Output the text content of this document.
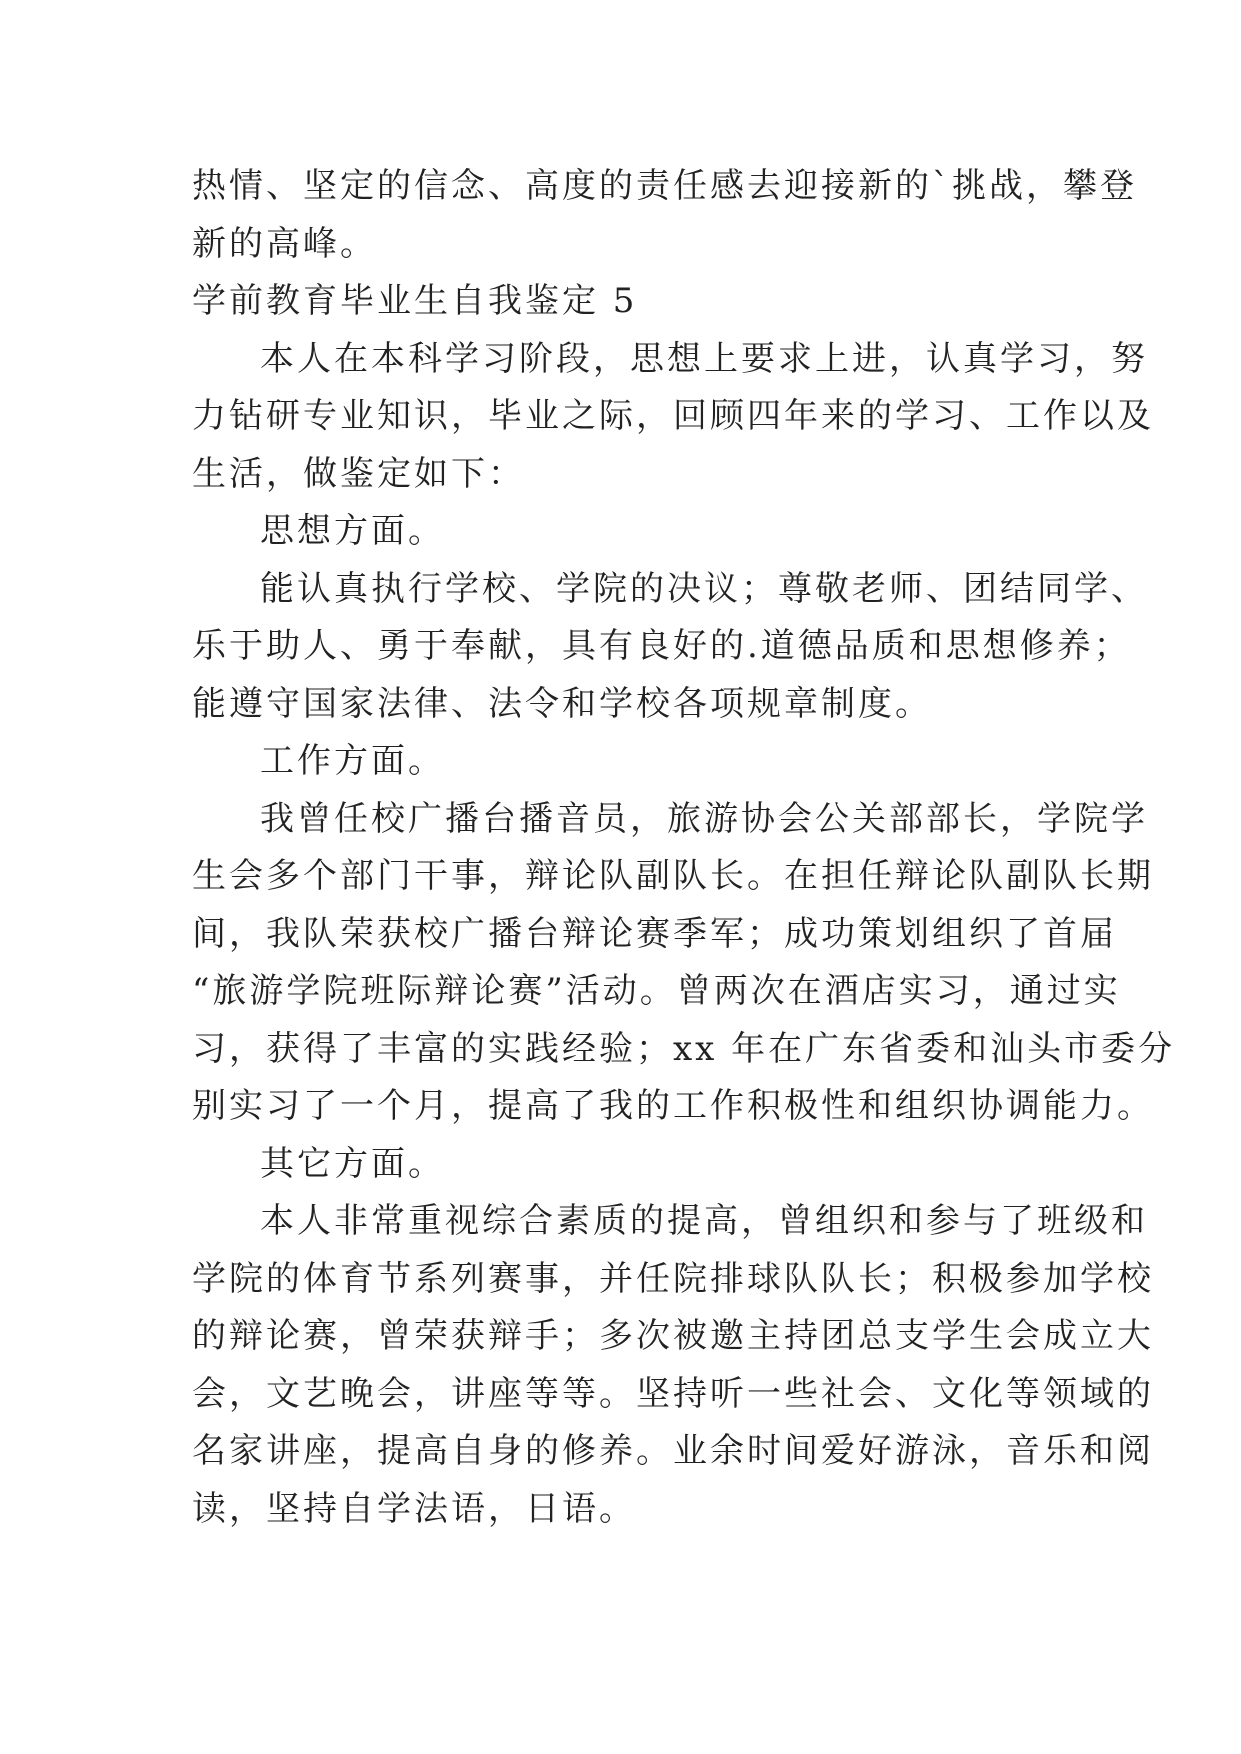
热情、坚定的信念、高度的责任感去迎接新的`挑战，攀登

新的高峰。

学前教育毕业生自我鉴定 5

本人在本科学习阶段，思想上要求上进，认真学习，努

力钻研专业知识，毕业之际，回顾四年来的学习、工作以及

生活，做鉴定如下：

思想方面。

能认真执行学校、学院的决议；尊敬老师、团结同学、

乐于助人、勇于奉献，具有良好的.道德品质和思想修养；

能遵守国家法律、法令和学校各项规章制度。

工作方面。

我曾任校广播台播音员，旅游协会公关部部长，学院学

生会多个部门干事，辩论队副队长。在担任辩论队副队长期

间，我队荣获校广播台辩论赛季军；成功策划组织了首届

“旅游学院班际辩论赛”活动。曾两次在酒店实习，通过实

习，获得了丰富的实践经验；xx 年在广东省委和汕头市委分

别实习了一个月，提高了我的工作积极性和组织协调能力。

其它方面。

本人非常重视综合素质的提高，曾组织和参与了班级和

学院的体育节系列赛事，并任院排球队队长；积极参加学校

的辩论赛，曾荣获辩手；多次被邀主持团总支学生会成立大

会，文艺晚会，讲座等等。坚持听一些社会、文化等领域的

名家讲座，提高自身的修养。业余时间爱好游泳，音乐和阅

读，坚持自学法语，日语。
